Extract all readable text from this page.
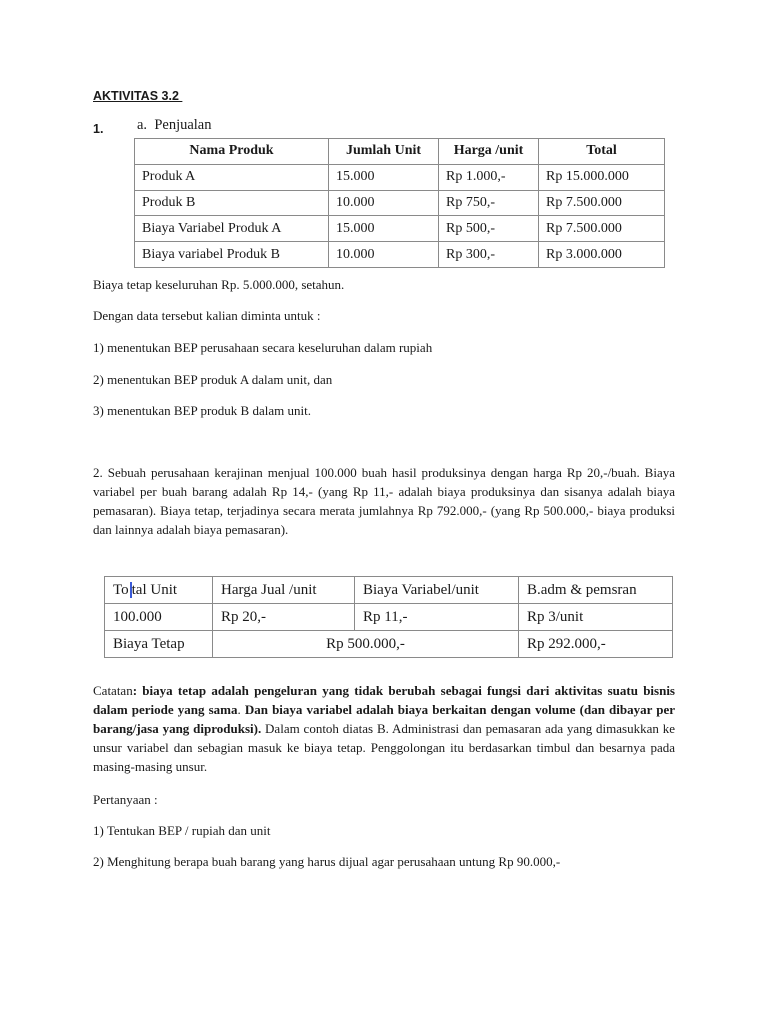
AKTIVITAS 3.2
1. a. Penjualan
Nama Produk	Jumlah Unit	Harga /unit	Total
Produk A	15.000	Rp 1.000,-	Rp 15.000.000
Produk B	10.000	Rp 750,-	Rp 7.500.000
Biaya Variabel Produk A	15.000	Rp 500,-	Rp 7.500.000
Biaya variabel Produk B	10.000	Rp 300,-	Rp 3.000.000
Biaya tetap keseluruhan Rp. 5.000.000, setahun.
Dengan data tersebut kalian diminta untuk :
1) menentukan BEP perusahaan secara keseluruhan dalam rupiah
2) menentukan BEP produk A dalam unit, dan
3) menentukan BEP produk B dalam unit.
2. Sebuah perusahaan kerajinan menjual 100.000 buah hasil produksinya dengan harga Rp 20,-/buah. Biaya variabel per buah barang adalah Rp 14,- (yang Rp 11,- adalah biaya produksinya dan sisanya adalah biaya pemasaran). Biaya tetap, terjadinya secara merata jumlahnya Rp 792.000,- (yang Rp 500.000,- biaya produksi dan lainnya adalah biaya pemasaran).
To tal Unit	Harga Jual /unit	Biaya Variabel/unit	B.adm & pemsran
100.000	Rp 20,-	Rp 11,-	Rp 3/unit
Biaya Tetap	Rp 500.000,-		Rp 292.000,-
Catatan: biaya tetap adalah pengeluran yang tidak berubah sebagai fungsi dari aktivitas suatu bisnis dalam periode yang sama. Dan biaya variabel adalah biaya berkaitan dengan volume (dan dibayar per barang/jasa yang diproduksi). Dalam contoh diatas B. Administrasi dan pemasaran ada yang dimasukkan ke unsur variabel dan sebagian masuk ke biaya tetap. Penggolongan itu berdasarkan timbul dan besarnya pada masing-masing unsur.
Pertanyaan :
1) Tentukan BEP / rupiah dan unit
2) Menghitung berapa buah barang yang harus dijual agar perusahaan untung Rp 90.000,-
